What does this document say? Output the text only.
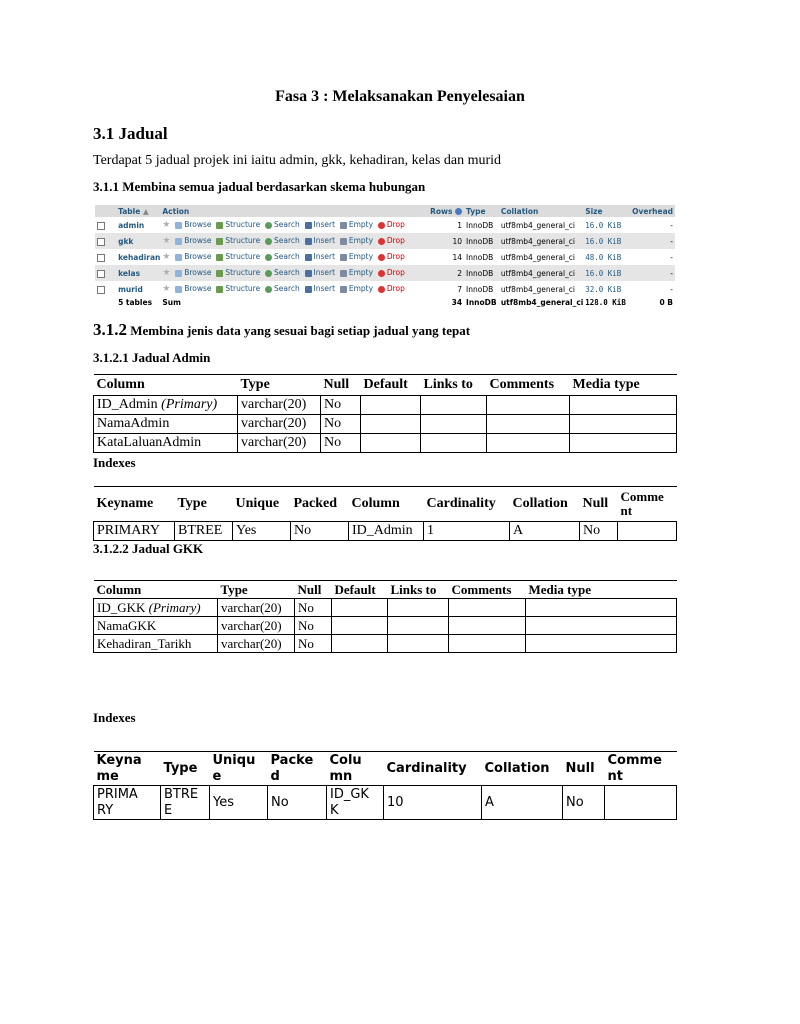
Fasa 3 : Melaksanakan Penyelesaian
3.1 Jadual
Terdapat 5 jadual projek ini iaitu admin, gkk, kehadiran, kelas dan murid
3.1.1 Membina semua jadual berdasarkan skema hubungan
	Table ▲	Action		Rows	Type	Collation	Size	Overhead
	admin	★ Browse Structure Search Insert Empty Drop		1	InnoDB	utf8mb4_general_ci	16.0 KiB	-
	gkk	★ Browse Structure Search Insert Empty Drop		10	InnoDB	utf8mb4_general_ci	16.0 KiB	-
	kehadiran	★ Browse Structure Search Insert Empty Drop		14	InnoDB	utf8mb4_general_ci	48.0 KiB	-
	kelas	★ Browse Structure Search Insert Empty Drop		2	InnoDB	utf8mb4_general_ci	16.0 KiB	-
	murid	★ Browse Structure Search Insert Empty Drop		7	InnoDB	utf8mb4_general_ci	32.0 KiB	-
	5 tables	Sum		34	InnoDB	utf8mb4_general_ci	128.0 KiB	0 B
3.1.2 Membina jenis data yang sesuai bagi setiap jadual yang tepat
3.1.2.1 Jadual Admin
Column	Type	Null	Default	Links to	Comments	Media type
ID_Admin (Primary)	varchar(20)	No				
NamaAdmin	varchar(20)	No				
KataLaluanAdmin	varchar(20)	No				
Indexes
Keyname	Type	Unique	Packed	Column	Cardinality	Collation	Null	Comme nt
PRIMARY	BTREE	Yes	No	ID_Admin	1	A	No	
3.1.2.2 Jadual GKK
Column	Type	Null	Default	Links to	Comments	Media type
ID_GKK (Primary)	varchar(20)	No				
NamaGKK	varchar(20)	No				
Kehadiran_Tarikh	varchar(20)	No				
Indexes
Keyna me	Type	Uniqu e	Packe d	Colu mn	Cardinality	Collation	Null	Comme nt
PRIMA RY	BTRE E	Yes	No	ID_GK K	10	A	No	
